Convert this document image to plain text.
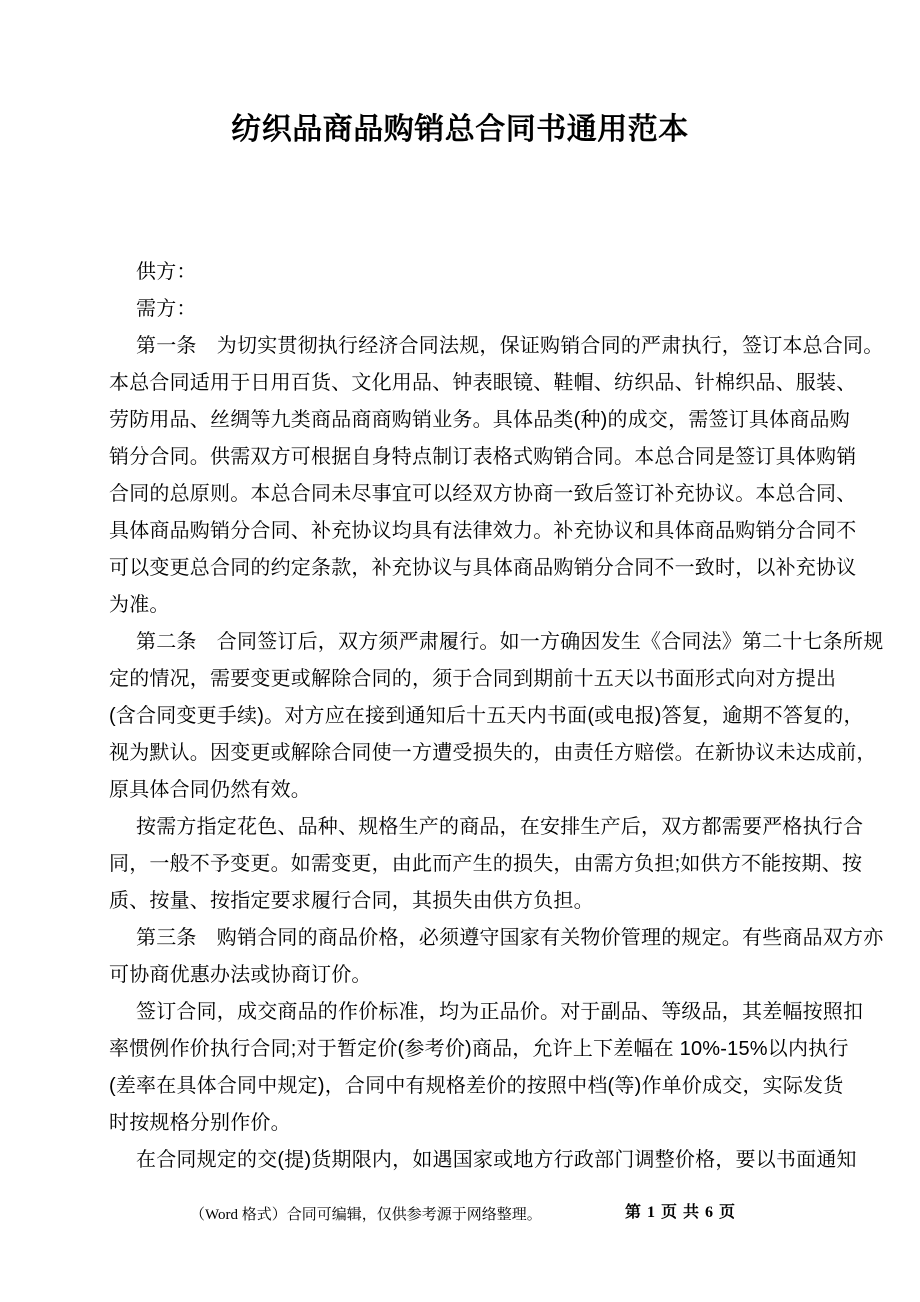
纺织品商品购销总合同书通用范本
供方：
需方：
第一条　为切实贯彻执行经济合同法规，保证购销合同的严肃执行，签订本总合同。
本总合同适用于日用百货、文化用品、钟表眼镜、鞋帽、纺织品、针棉织品、服装、
劳防用品、丝绸等九类商品商商购销业务。具体品类(种)的成交，需签订具体商品购
销分合同。供需双方可根据自身特点制订表格式购销合同。本总合同是签订具体购销
合同的总原则。本总合同未尽事宜可以经双方协商一致后签订补充协议。本总合同、
具体商品购销分合同、补充协议均具有法律效力。补充协议和具体商品购销分合同不
可以变更总合同的约定条款，补充协议与具体商品购销分合同不一致时，以补充协议
为准。
第二条　合同签订后，双方须严肃履行。如一方确因发生《合同法》第二十七条所规
定的情况，需要变更或解除合同的，须于合同到期前十五天以书面形式向对方提出
(含合同变更手续)。对方应在接到通知后十五天内书面(或电报)答复，逾期不答复的，
视为默认。因变更或解除合同使一方遭受损失的，由责任方赔偿。在新协议未达成前，
原具体合同仍然有效。
按需方指定花色、品种、规格生产的商品，在安排生产后，双方都需要严格执行合
同，一般不予变更。如需变更，由此而产生的损失，由需方负担;如供方不能按期、按
质、按量、按指定要求履行合同，其损失由供方负担。
第三条　购销合同的商品价格，必须遵守国家有关物价管理的规定。有些商品双方亦
可协商优惠办法或协商订价。
签订合同，成交商品的作价标准，均为正品价。对于副品、等级品，其差幅按照扣
率惯例作价执行合同;对于暂定价(参考价)商品，允许上下差幅在 10%-15%以内执行
(差率在具体合同中规定)，合同中有规格差价的按照中档(等)作单价成交，实际发货
时按规格分别作价。
在合同规定的交(提)货期限内，如遇国家或地方行政部门调整价格，要以书面通知
（Word 格式）合同可编辑，仅供参考源于网络整理。	第 1 页 共 6 页
